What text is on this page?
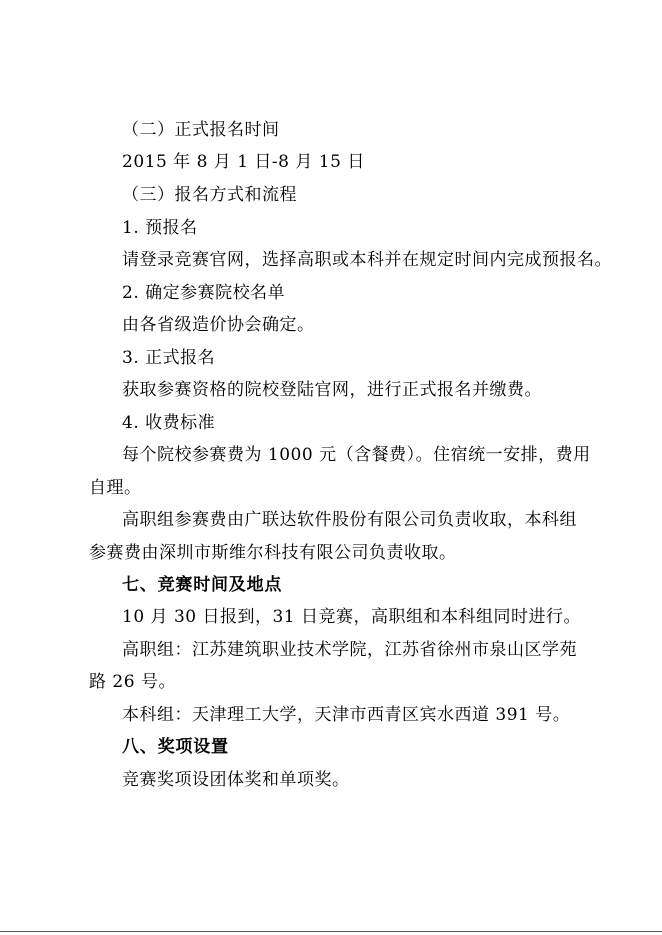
（二）正式报名时间
2015 年 8 月 1 日-8 月 15 日
（三）报名方式和流程
1. 预报名
请登录竞赛官网，选择高职或本科并在规定时间内完成预报名。
2. 确定参赛院校名单
由各省级造价协会确定。
3. 正式报名
获取参赛资格的院校登陆官网，进行正式报名并缴费。
4. 收费标准
每个院校参赛费为 1000 元（含餐费）。住宿统一安排，费用
自理。
高职组参赛费由广联达软件股份有限公司负责收取，本科组
参赛费由深圳市斯维尔科技有限公司负责收取。
七、竞赛时间及地点
10 月 30 日报到，31 日竞赛，高职组和本科组同时进行。
高职组：江苏建筑职业技术学院，江苏省徐州市泉山区学苑
路 26 号。
本科组：天津理工大学，天津市西青区宾水西道 391 号。
八、奖项设置
竞赛奖项设团体奖和单项奖。
